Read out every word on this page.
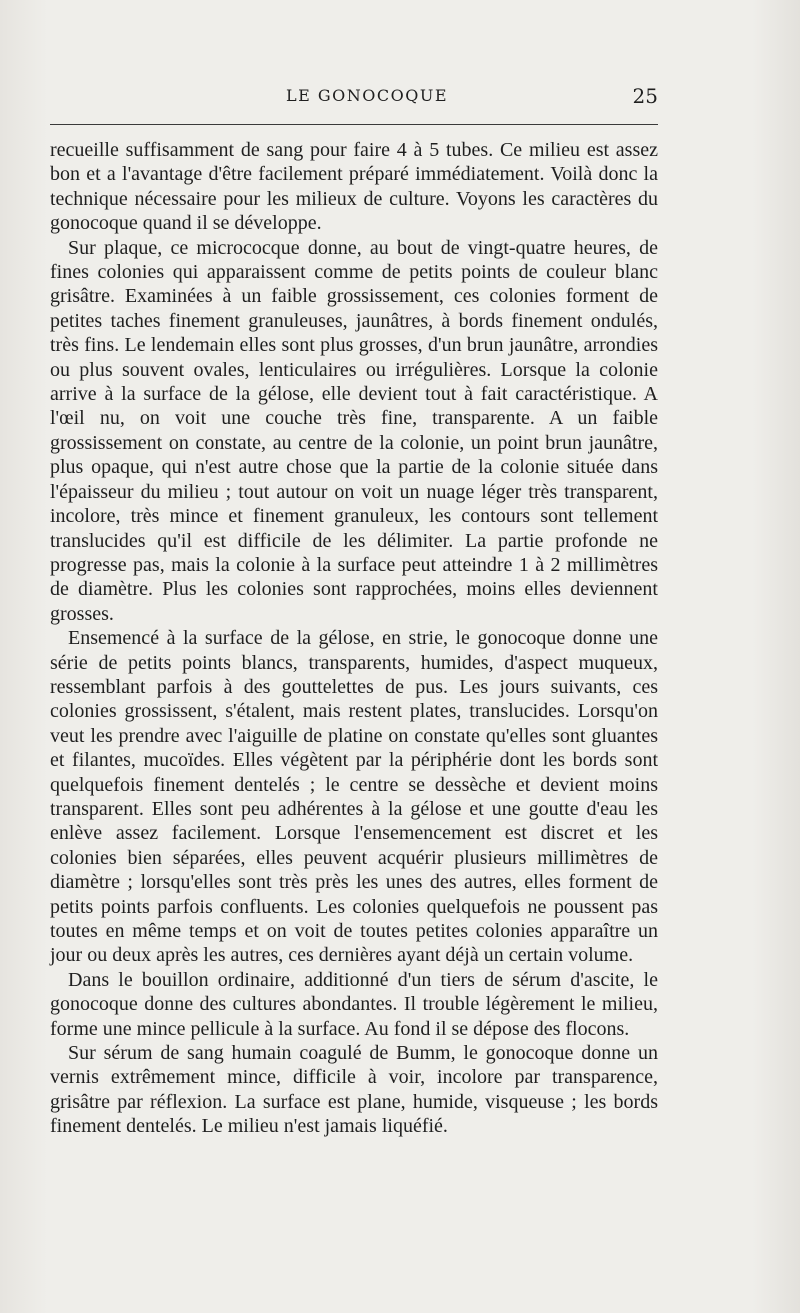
LE GONOCOQUE	25

recueille suffisamment de sang pour faire 4 à 5 tubes. Ce milieu est assez bon et a l'avantage d'être facilement préparé immédiatement. Voilà donc la technique nécessaire pour les milieux de culture. Voyons les caractères du gonocoque quand il se développe.

Sur plaque, ce micrococque donne, au bout de vingt-quatre heures, de fines colonies qui apparaissent comme de petits points de couleur blanc grisâtre. Examinées à un faible grossissement, ces colonies forment de petites taches finement granuleuses, jaunâtres, à bords finement ondulés, très fins. Le lendemain elles sont plus grosses, d'un brun jaunâtre, arrondies ou plus souvent ovales, lenticulaires ou irrégulières. Lorsque la colonie arrive à la surface de la gélose, elle devient tout à fait caractéristique. A l'œil nu, on voit une couche très fine, transparente. A un faible grossissement on constate, au centre de la colonie, un point brun jaunâtre, plus opaque, qui n'est autre chose que la partie de la colonie située dans l'épaisseur du milieu ; tout autour on voit un nuage léger très transparent, incolore, très mince et finement granuleux, les contours sont tellement translucides qu'il est difficile de les délimiter. La partie profonde ne progresse pas, mais la colonie à la surface peut atteindre 1 à 2 millimètres de diamètre. Plus les colonies sont rapprochées, moins elles deviennent grosses.

Ensemencé à la surface de la gélose, en strie, le gonocoque donne une série de petits points blancs, transparents, humides, d'aspect muqueux, ressemblant parfois à des gouttelettes de pus. Les jours suivants, ces colonies grossissent, s'étalent, mais restent plates, translucides. Lorsqu'on veut les prendre avec l'aiguille de platine on constate qu'elles sont gluantes et filantes, mucoïdes. Elles végètent par la périphérie dont les bords sont quelquefois finement dentelés ; le centre se dessèche et devient moins transparent. Elles sont peu adhérentes à la gélose et une goutte d'eau les enlève assez facilement. Lorsque l'ensemencement est discret et les colonies bien séparées, elles peuvent acquérir plusieurs millimètres de diamètre ; lorsqu'elles sont très près les unes des autres, elles forment de petits points parfois confluents. Les colonies quelquefois ne poussent pas toutes en même temps et on voit de toutes petites colonies apparaître un jour ou deux après les autres, ces dernières ayant déjà un certain volume.

Dans le bouillon ordinaire, additionné d'un tiers de sérum d'ascite, le gonocoque donne des cultures abondantes. Il trouble légèrement le milieu, forme une mince pellicule à la surface. Au fond il se dépose des flocons.

Sur sérum de sang humain coagulé de Bumm, le gonocoque donne un vernis extrêmement mince, difficile à voir, incolore par transparence, grisâtre par réflexion. La surface est plane, humide, visqueuse ; les bords finement dentelés. Le milieu n'est jamais liquéfié.
